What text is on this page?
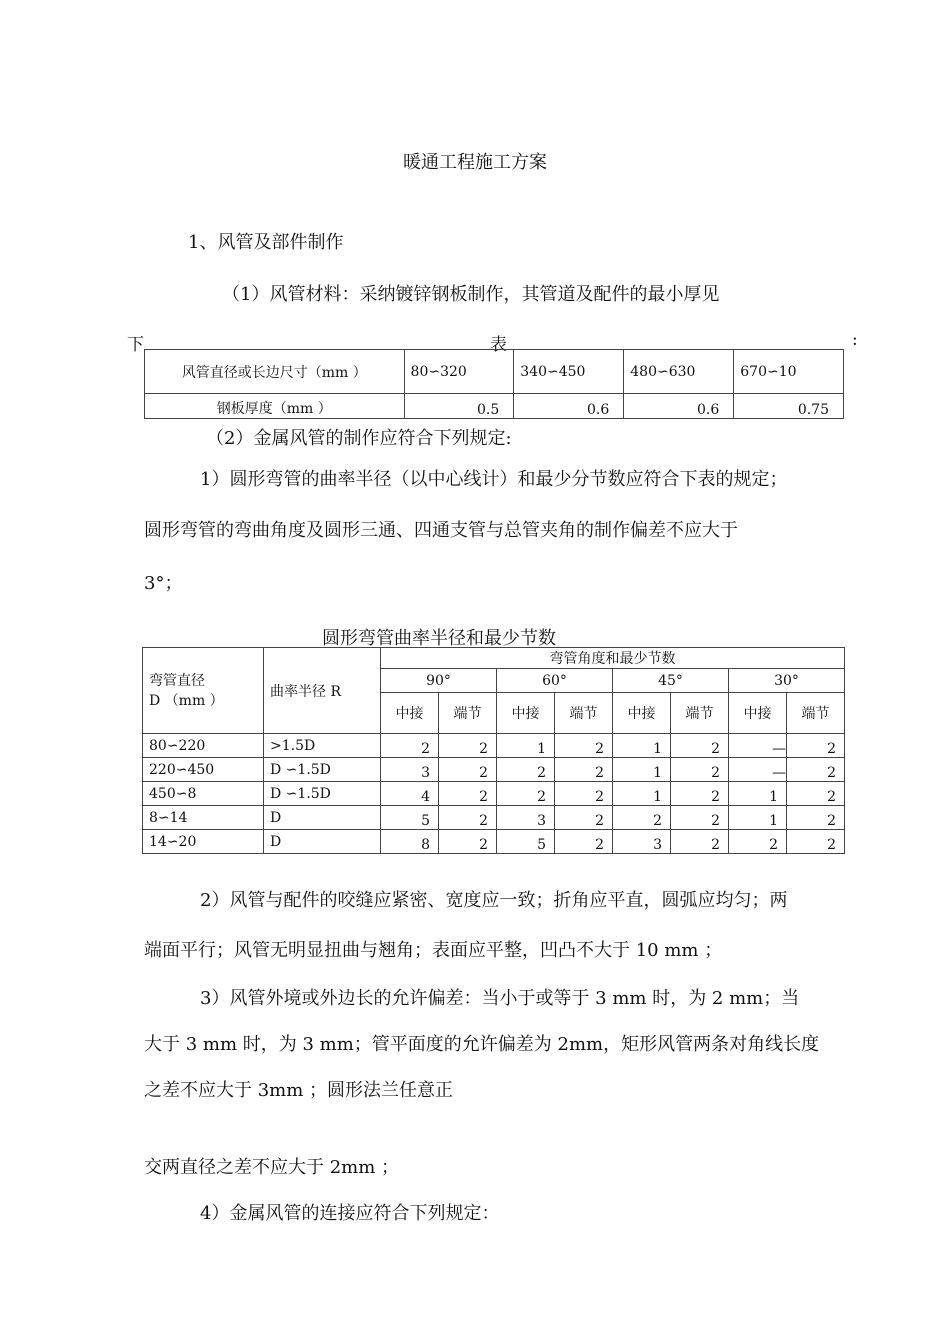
暖通工程施工方案
1、风管及部件制作
（1）风管材料：采纳镀锌钢板制作，其管道及配件的最小厚见
下	表	:
风管直径或长边尺寸（mm ）	80∽320	340∽450	480∽630	670∽10
钢板厚度（mm ）	0.5	0.6	0.6	0.75
（2）金属风管的制作应符合下列规定:
1）圆形弯管的曲率半径（以中心线计）和最少分节数应符合下表的规定；
圆形弯管的弯曲角度及圆形三通、四通支管与总管夹角的制作偏差不应大于
3°；
圆形弯管曲率半径和最少节数
弯管直径
D （mm ）	曲率半径 R	弯管角度和最少节数							
		90°		60°		45°		30°	
		中接	端节	中接	端节	中接	端节	中接	端节
80∽220	>1.5D	2	2	1	2	1	2	—	2
220∽450	D ∽1.5D	3	2	2	2	1	2	—	2
450∽8	D ∽1.5D	4	2	2	2	1	2	1	2
8∽14	D	5	2	3	2	2	2	1	2
14∽20	D	8	2	5	2	3	2	2	2
2）风管与配件的咬缝应紧密、宽度应一致；折角应平直，圆弧应均匀；两
端面平行；风管无明显扭曲与翘角；表面应平整，凹凸不大于 10 mm ；
3）风管外境或外边长的允许偏差：当小于或等于 3 mm 时，为 2 mm；当
大于 3 mm 时，为 3 mm；管平面度的允许偏差为 2mm，矩形风管两条对角线长度
之差不应大于 3mm ；圆形法兰任意正
交两直径之差不应大于 2mm ；
4）金属风管的连接应符合下列规定：
